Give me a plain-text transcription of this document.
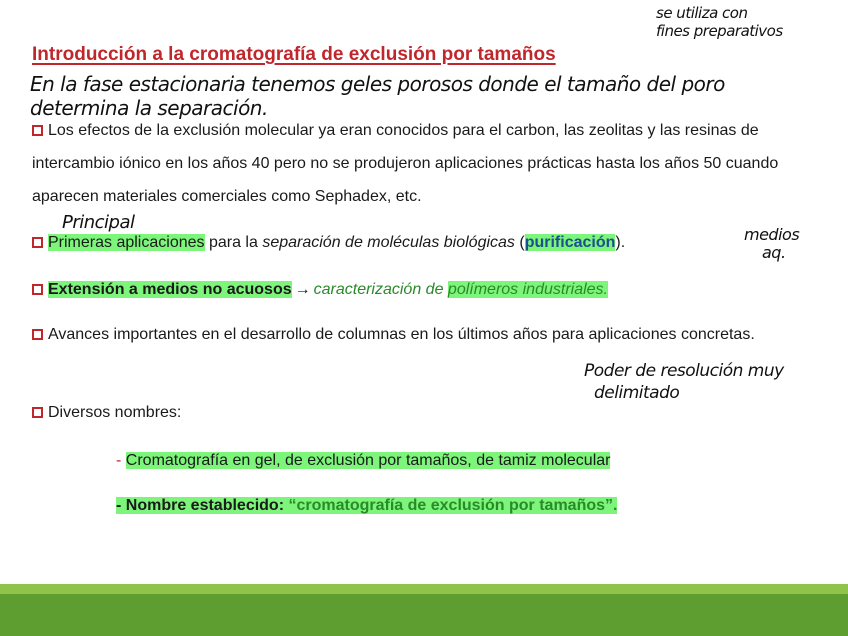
se utiliza con
fines preparativos
Introducción a la cromatografía de exclusión por tamaños
En la fase estacionaria tenemos geles porosos donde el tamaño del poro
determina la separación.
Los efectos de la exclusión molecular ya eran conocidos para el carbon, las zeolitas y las resinas de intercambio iónico en los años 40 pero no se produjeron aplicaciones prácticas hasta los años 50 cuando aparecen materiales comerciales como Sephadex, etc.
Principal
Primeras aplicaciones para la separación de moléculas biológicas (purificación).	medios
aq.
Extensión a medios no acuosos → caracterización de polímeros industriales.
Avances importantes en el desarrollo de columnas en los últimos años para aplicaciones concretas.
Poder de resolución muy
delimitado
Diversos nombres:
- Cromatografía en gel, de exclusión por tamaños, de tamiz molecular
- Nombre establecido: “cromatografía de exclusión por tamaños”.
